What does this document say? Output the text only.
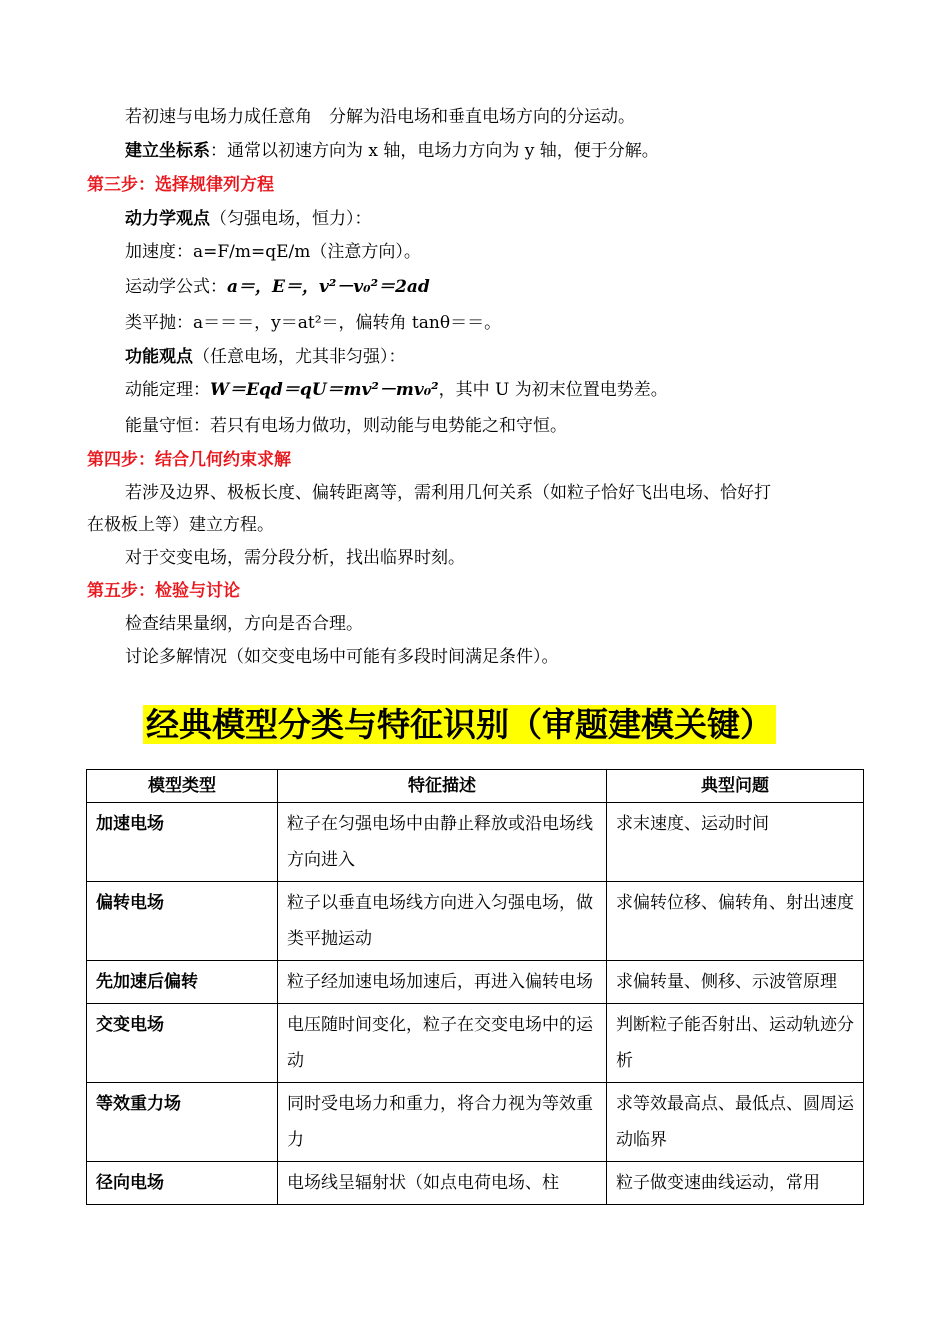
若初速与电场力成任意角　分解为沿电场和垂直电场方向的分运动。
建立坐标系：通常以初速方向为 x 轴，电场力方向为 y 轴，便于分解。
第三步：选择规律列方程
动力学观点（匀强电场，恒力）：
加速度：a=F/m=qE/m（注意方向）。
运动学公式：a＝，E＝，v²－v₀²＝2ad
类平抛：a＝＝＝，y＝at²＝，偏转角 tanθ＝＝。
功能观点（任意电场，尤其非匀强）：
动能定理：W＝Eqd＝qU＝mv²－mv₀²，其中 U 为初末位置电势差。
能量守恒：若只有电场力做功，则动能与电势能之和守恒。
第四步：结合几何约束求解
若涉及边界、极板长度、偏转距离等，需利用几何关系（如粒子恰好飞出电场、恰好打
在极板上等）建立方程。
对于交变电场，需分段分析，找出临界时刻。
第五步：检验与讨论
检查结果量纲，方向是否合理。
讨论多解情况（如交变电场中可能有多段时间满足条件）。
经典模型分类与特征识别（审题建模关键）
模型类型	特征描述	典型问题
加速电场	粒子在匀强电场中由静止释放或沿电场线方向进入	求末速度、运动时间
偏转电场	粒子以垂直电场线方向进入匀强电场，做类平抛运动	求偏转位移、偏转角、射出速度
先加速后偏转	粒子经加速电场加速后，再进入偏转电场	求偏转量、侧移、示波管原理
交变电场	电压随时间变化，粒子在交变电场中的运动	判断粒子能否射出、运动轨迹分析
等效重力场	同时受电场力和重力，将合力视为等效重力	求等效最高点、最低点、圆周运动临界
径向电场	电场线呈辐射状（如点电荷电场、柱	粒子做变速曲线运动，常用
